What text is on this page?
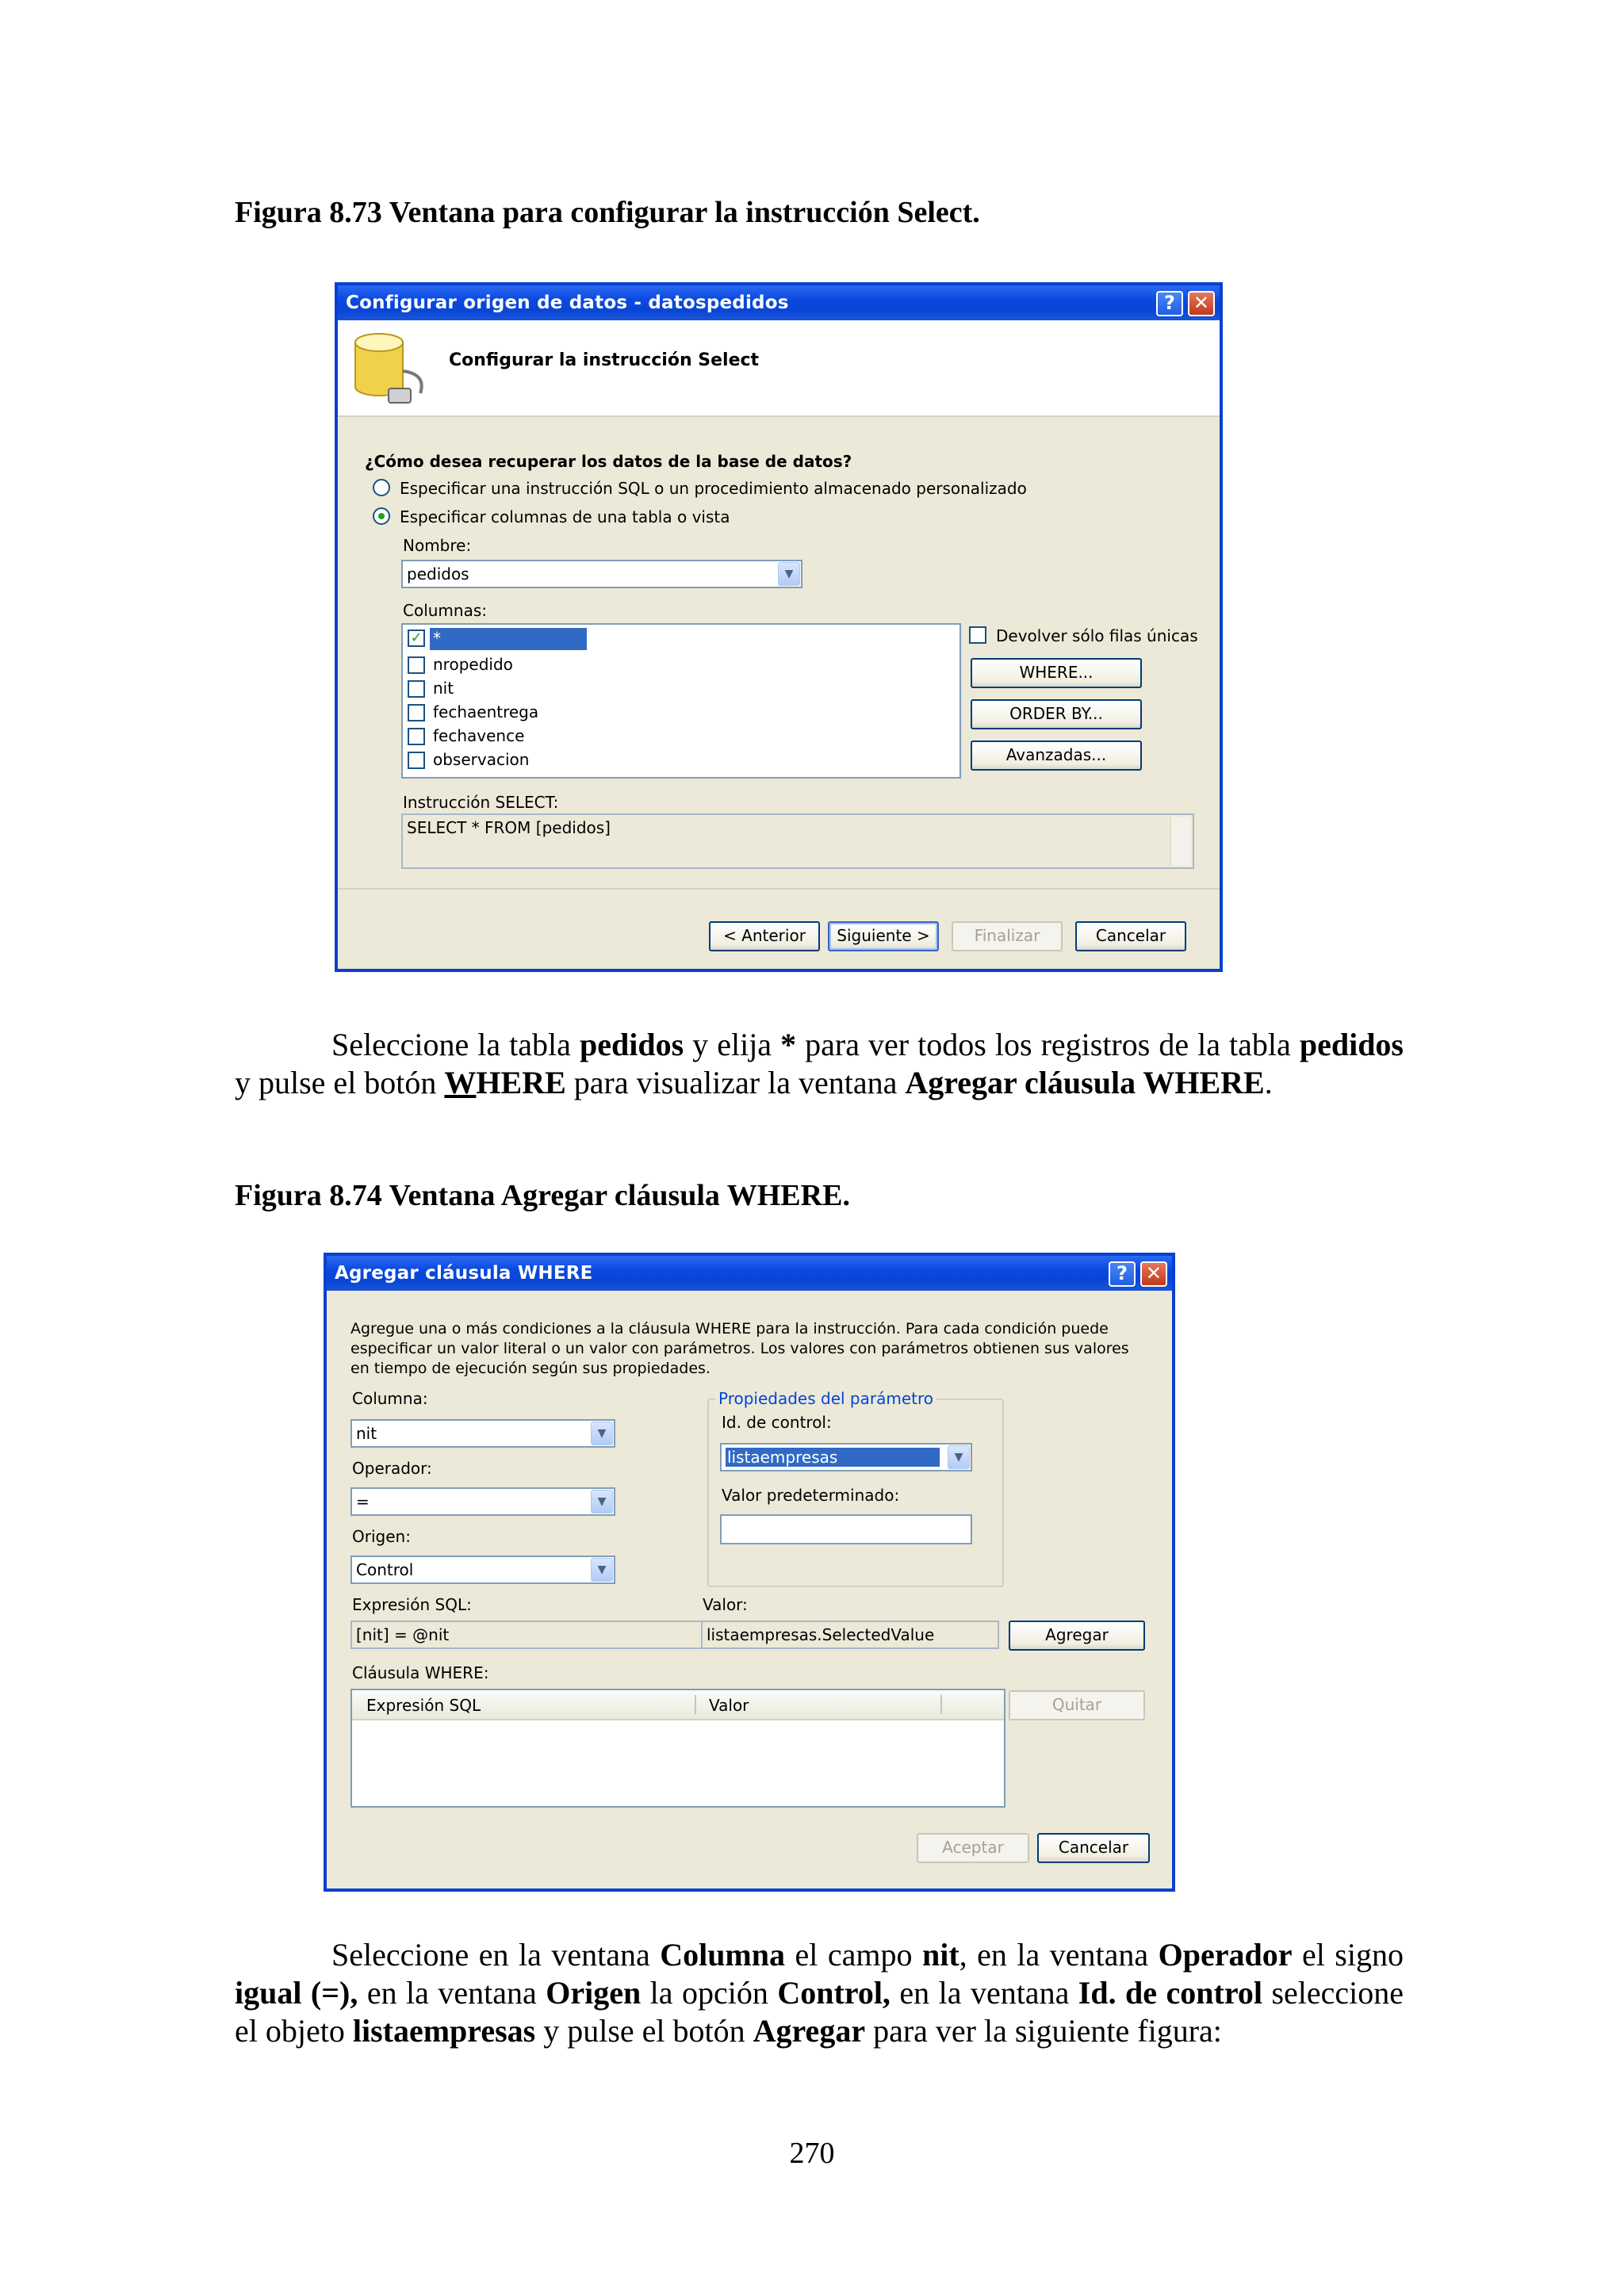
Figura 8.73 Ventana para configurar la instrucción Select.
Configurar origen de datos - datospedidos	? ✕
Configurar la instrucción Select
¿Cómo desea recuperar los datos de la base de datos?
Especificar una instrucción SQL o un procedimiento almacenado personalizado
Especificar columnas de una tabla o vista
Nombre:
pedidos	▼
Columnas:
✓ *
nropedido
nit
fechaentrega
fechavence
observacion
Devolver sólo filas únicas
WHERE...
ORDER BY...
Avanzadas...
Instrucción SELECT:
SELECT * FROM [pedidos]
< Anterior	Siguiente >	Finalizar	Cancelar

Seleccione la tabla pedidos y elija * para ver todos los registros de la tabla pedidos y pulse el botón WHERE para visualizar la ventana Agregar cláusula WHERE.

Figura 8.74 Ventana Agregar cláusula WHERE.
Agregar cláusula WHERE	? ✕
Agregue una o más condiciones a la cláusula WHERE para la instrucción. Para cada condición puede especificar un valor literal o un valor con parámetros. Los valores con parámetros obtienen sus valores en tiempo de ejecución según sus propiedades.
Columna:
nit	▼
Operador:
=	▼
Origen:
Control	▼
Propiedades del parámetro
Id. de control:
listaempresas	▼
Valor predeterminado:
Expresión SQL:
[nit] = @nit
Valor:
listaempresas.SelectedValue	Agregar
Cláusula WHERE:
Expresión SQL	Valor	Quitar
Aceptar	Cancelar

Seleccione en la ventana Columna el campo nit, en la ventana Operador el signo igual (=), en la ventana Origen la opción Control, en la ventana Id. de control seleccione el objeto listaempresas y pulse el botón Agregar para ver la siguiente figura:

270
